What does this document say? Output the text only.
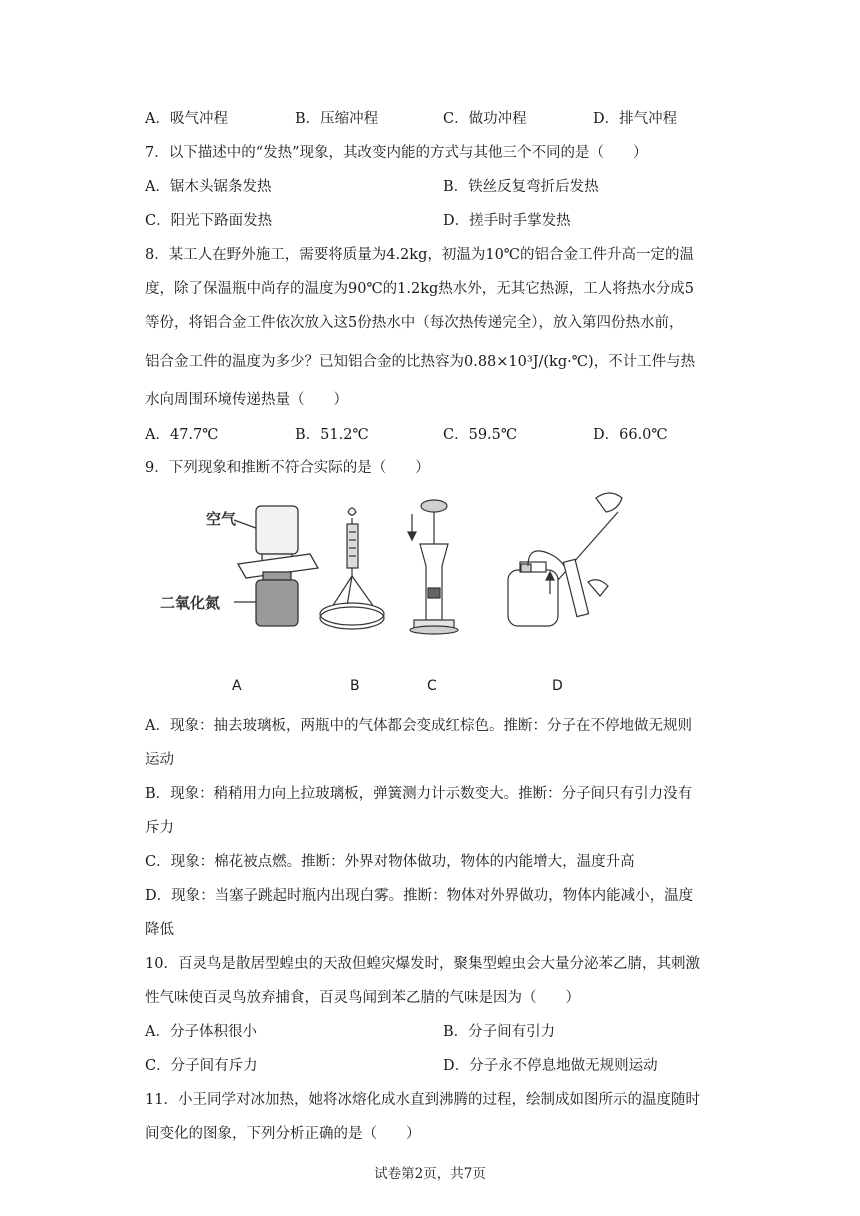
A．吸气冲程	B．压缩冲程	C．做功冲程	D．排气冲程
7．以下描述中的“发热”现象，其改变内能的方式与其他三个不同的是（　　）
A．锯木头锯条发热	B．铁丝反复弯折后发热
C．阳光下路面发热	D．搓手时手掌发热
8．某工人在野外施工，需要将质量为4.2kg，初温为10℃的铝合金工件升高一定的温
度，除了保温瓶中尚存的温度为90℃的1.2kg热水外，无其它热源，工人将热水分成5
等份，将铝合金工件依次放入这5份热水中（每次热传递完全），放入第四份热水前，
铝合金工件的温度为多少？已知铝合金的比热容为0.88×10³J/(kg·℃)，不计工件与热
水向周围环境传递热量（　　）
A．47.7℃	B．51.2℃	C．59.5℃	D．66.0℃
9．下列现象和推断不符合实际的是（　　）
空气
二氧化氮
A	B	C	D
A．现象：抽去玻璃板，两瓶中的气体都会变成红棕色。推断：分子在不停地做无规则
运动
B．现象：稍稍用力向上拉玻璃板，弹簧测力计示数变大。推断：分子间只有引力没有
斥力
C．现象：棉花被点燃。推断：外界对物体做功，物体的内能增大，温度升高
D．现象：当塞子跳起时瓶内出现白雾。推断：物体对外界做功，物体内能减小，温度
降低
10．百灵鸟是散居型蝗虫的天敌但蝗灾爆发时，聚集型蝗虫会大量分泌苯乙腈，其刺激
性气味使百灵鸟放弃捕食，百灵鸟闻到苯乙腈的气味是因为（　　）
A．分子体积很小	B．分子间有引力
C．分子间有斥力	D．分子永不停息地做无规则运动
11．小王同学对冰加热，她将冰熔化成水直到沸腾的过程，绘制成如图所示的温度随时
间变化的图象，下列分析正确的是（　　）
试卷第2页，共7页
